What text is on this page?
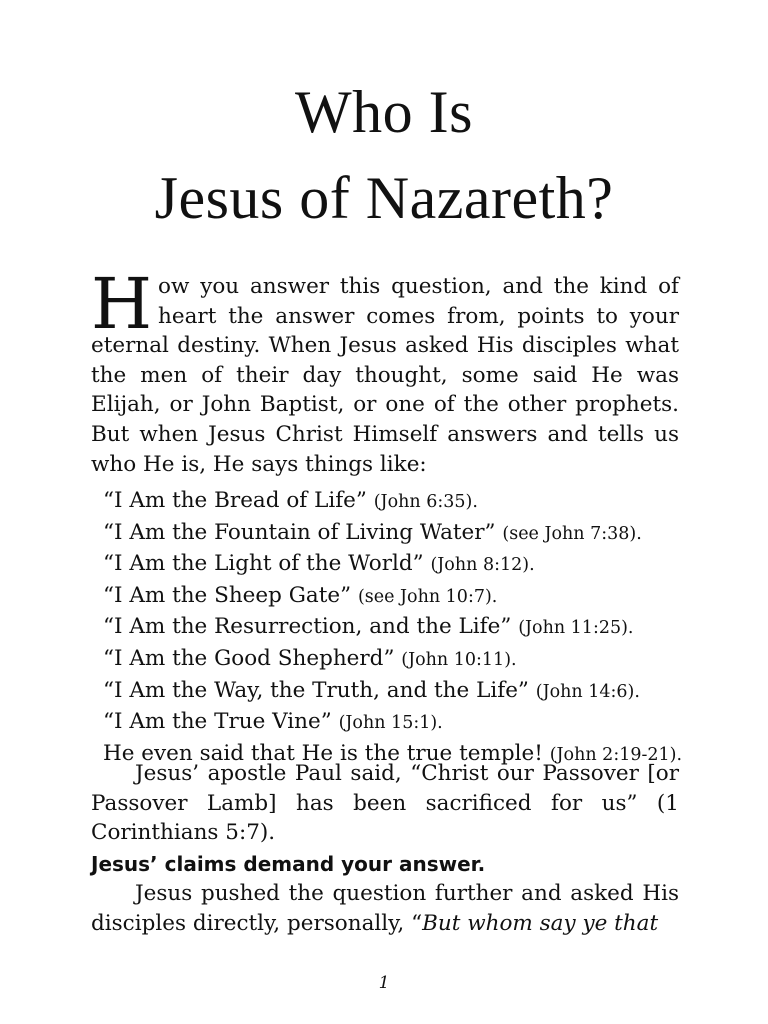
Who Is
Jesus of Nazareth?

How you answer this question, and the kind of heart the answer comes from, points to your eternal destiny. When Jesus asked His disciples what the men of their day thought, some said He was Elijah, or John Baptist, or one of the other prophets. But when Jesus Christ Himself answers and tells us who He is, He says things like:

“I Am the Bread of Life” (John 6:35).
“I Am the Fountain of Living Water” (see John 7:38).
“I Am the Light of the World” (John 8:12).
“I Am the Sheep Gate” (see John 10:7).
“I Am the Resurrection, and the Life” (John 11:25).
“I Am the Good Shepherd” (John 10:11).
“I Am the Way, the Truth, and the Life” (John 14:6).
“I Am the True Vine” (John 15:1).
He even said that He is the true temple! (John 2:19-21).

Jesus’ apostle Paul said, “Christ our Passover [or Passover Lamb] has been sacrificed for us” (1 Corinthians 5:7).

Jesus’ claims demand your answer.

Jesus pushed the question further and asked His disciples directly, personally, “But whom say ye that

1
